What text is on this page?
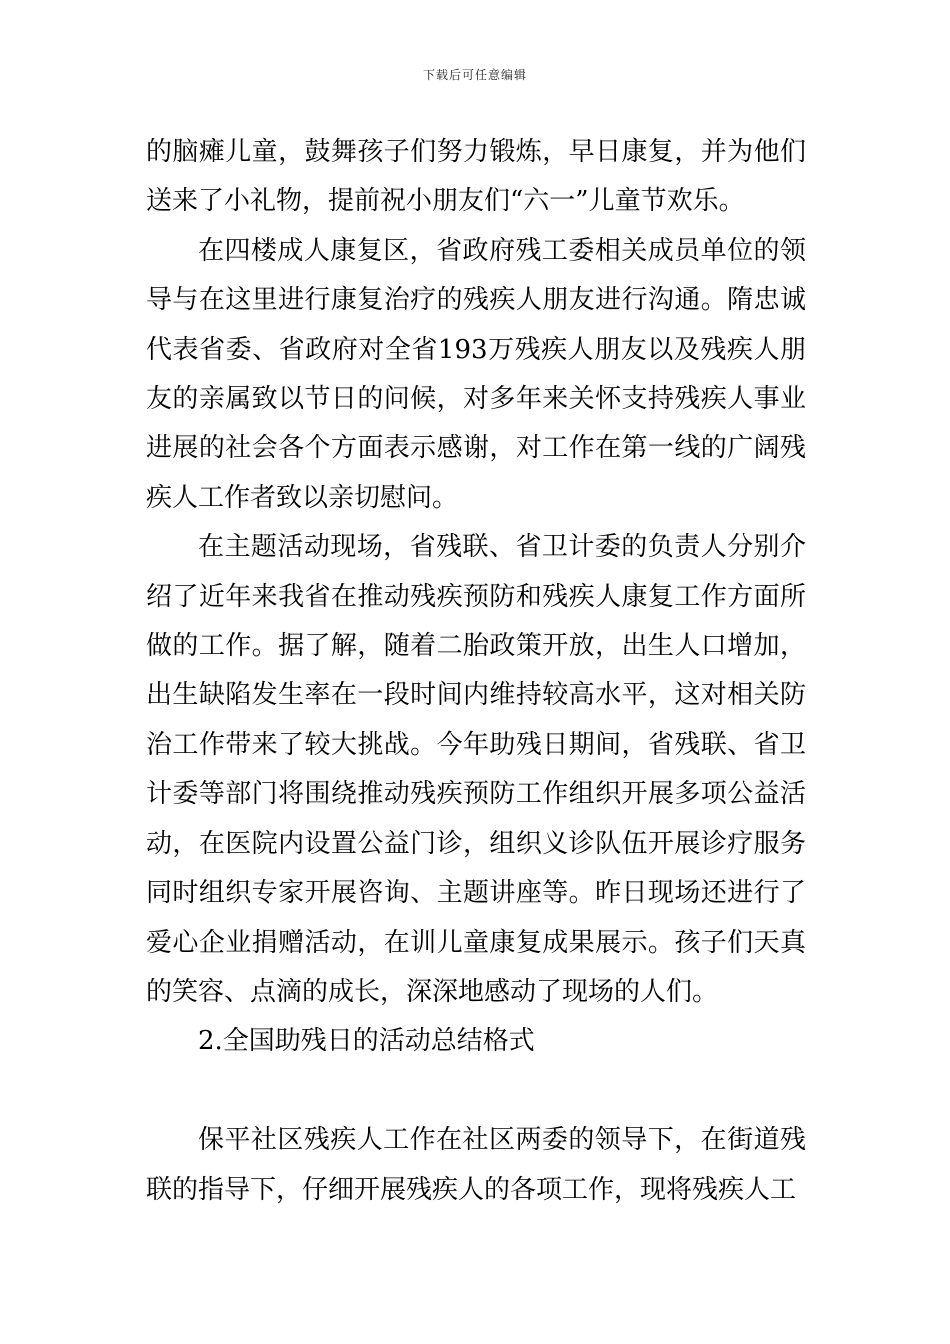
下载后可任意编辑

的脑瘫儿童，鼓舞孩子们努力锻炼，早日康复，并为他们送来了小礼物，提前祝小朋友们“六一”儿童节欢乐。

在四楼成人康复区，省政府残工委相关成员单位的领导与在这里进行康复治疗的残疾人朋友进行沟通。隋忠诚代表省委、省政府对全省193万残疾人朋友以及残疾人朋友的亲属致以节日的问候，对多年来关怀支持残疾人事业进展的社会各个方面表示感谢，对工作在第一线的广阔残疾人工作者致以亲切慰问。

在主题活动现场，省残联、省卫计委的负责人分别介绍了近年来我省在推动残疾预防和残疾人康复工作方面所做的工作。据了解，随着二胎政策开放，出生人口增加，出生缺陷发生率在一段时间内维持较高水平，这对相关防治工作带来了较大挑战。今年助残日期间，省残联、省卫计委等部门将围绕推动残疾预防工作组织开展多项公益活动，在医院内设置公益门诊，组织义诊队伍开展诊疗服务同时组织专家开展咨询、主题讲座等。昨日现场还进行了爱心企业捐赠活动，在训儿童康复成果展示。孩子们天真的笑容、点滴的成长，深深地感动了现场的人们。

2.全国助残日的活动总结格式

保平社区残疾人工作在社区两委的领导下，在街道残联的指导下，仔细开展残疾人的各项工作，现将残疾人工
